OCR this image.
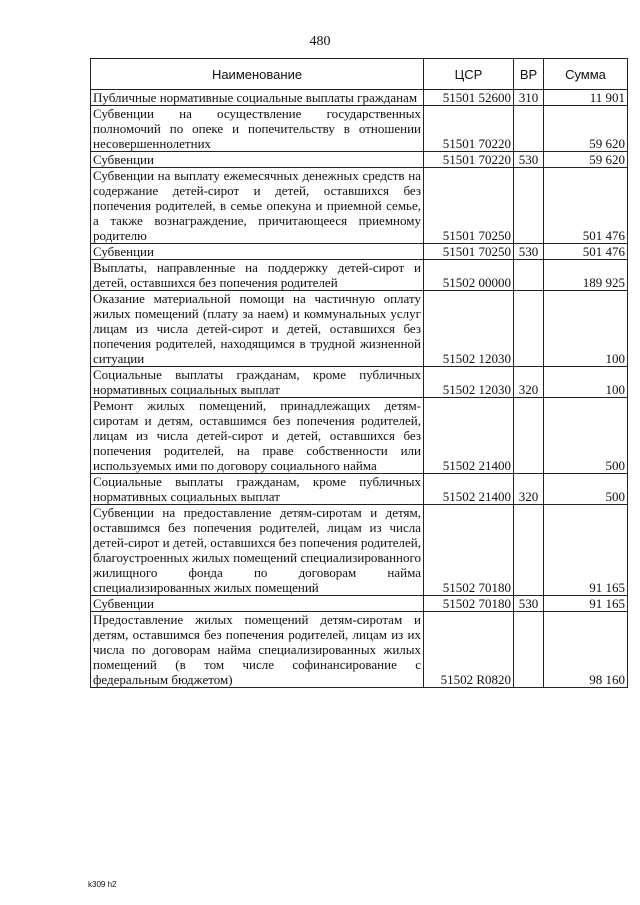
480
Наименование	ЦСР	ВР	Сумма
Публичные нормативные социальные выплаты гражданам	51501 52600	310	11 901
Субвенции на осуществление государственных полномочий по опеке и попечительству в отношении несовершеннолетних	51501 70220		59 620
Субвенции	51501 70220	530	59 620
Субвенции на выплату ежемесячных денежных средств на содержание детей-сирот и детей, оставшихся без попечения родителей, в семье опекуна и приемной семье, а также вознаграждение, причитающееся приемному родителю	51501 70250		501 476
Субвенции	51501 70250	530	501 476
Выплаты, направленные на поддержку детей-сирот и детей, оставшихся без попечения родителей	51502 00000		189 925
Оказание материальной помощи на частичную оплату жилых помещений (плату за наем) и коммунальных услуг лицам из числа детей-сирот и детей, оставшихся без попечения родителей, находящимся в трудной жизненной ситуации	51502 12030		100
Социальные выплаты гражданам, кроме публичных нормативных социальных выплат	51502 12030	320	100
Ремонт жилых помещений, принадлежащих детям-сиротам и детям, оставшимся без попечения родителей, лицам из числа детей-сирот и детей, оставшихся без попечения родителей, на праве собственности или используемых ими по договору социального найма	51502 21400		500
Социальные выплаты гражданам, кроме публичных нормативных социальных выплат	51502 21400	320	500
Субвенции на предоставление детям-сиротам и детям, оставшимся без попечения родителей, лицам из числа детей-сирот и детей, оставшихся без попечения родителей, благоустроенных жилых помещений специализированного жилищного фонда по договорам найма специализированных жилых помещений	51502 70180		91 165
Субвенции	51502 70180	530	91 165
Предоставление жилых помещений детям-сиротам и детям, оставшимся без попечения родителей, лицам из их числа по договорам найма специализированных жилых помещений (в том числе софинансирование с федеральным бюджетом)	51502 R0820		98 160
k309 h2
